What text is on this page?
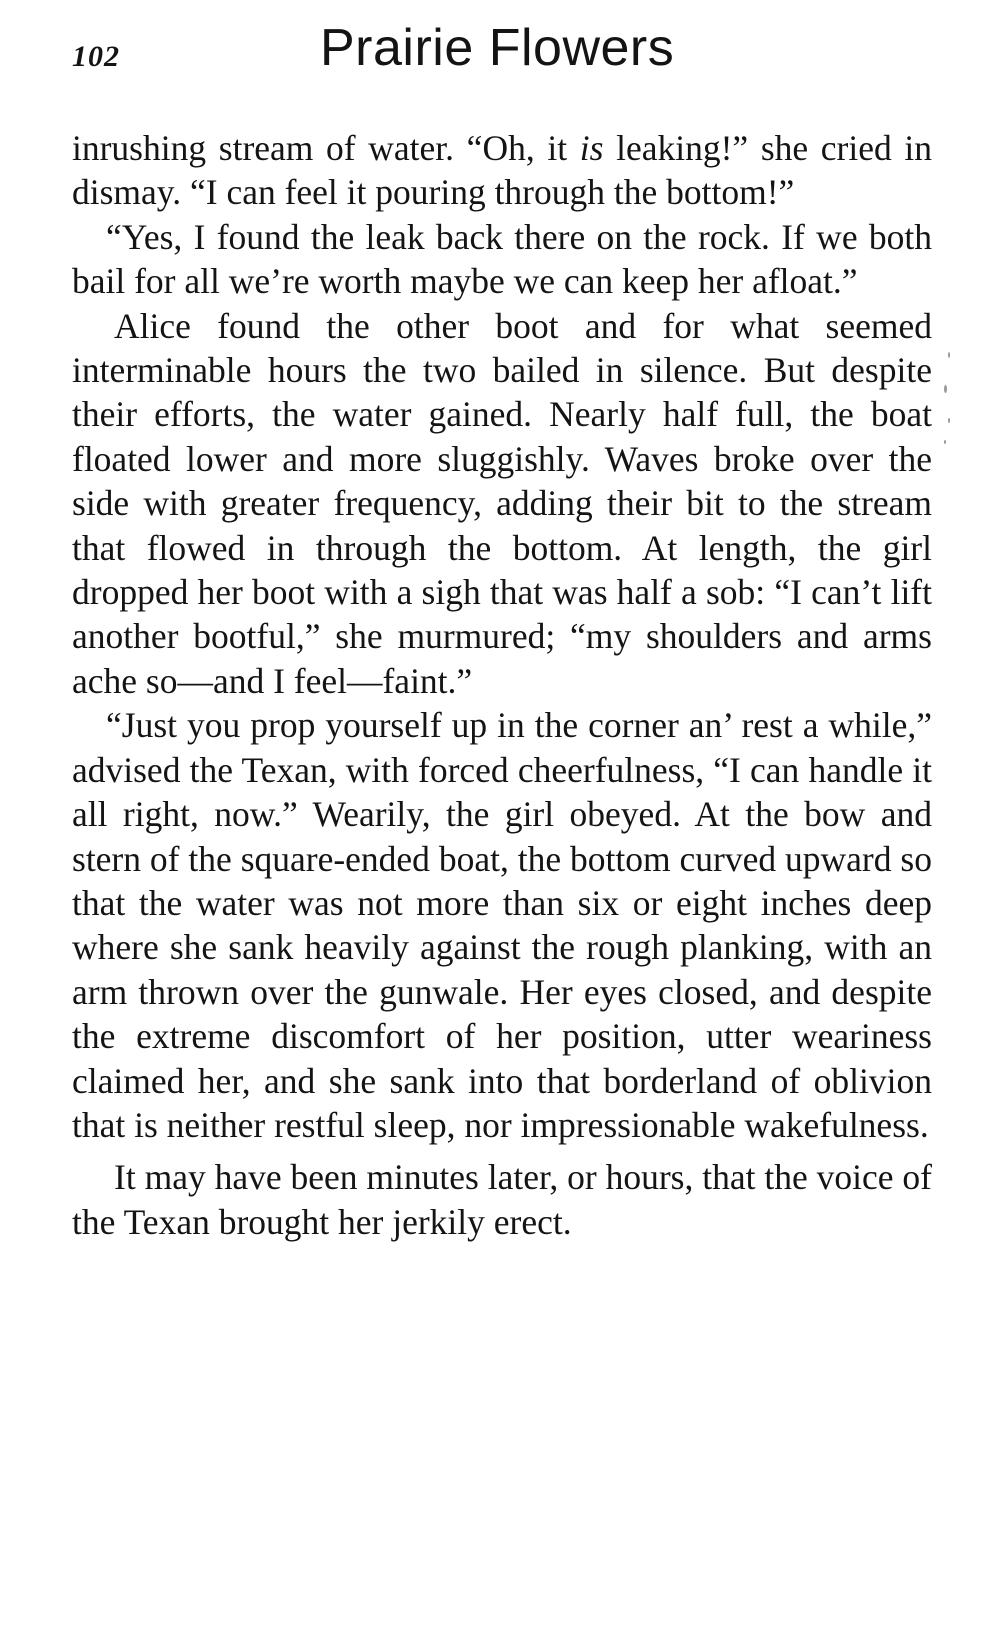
102	Prairie Flowers

inrushing stream of water. “Oh, it is leaking!” she cried in dismay. “I can feel it pouring through the bottom!”

“Yes, I found the leak back there on the rock. If we both bail for all we’re worth maybe we can keep her afloat.”

Alice found the other boot and for what seemed interminable hours the two bailed in silence. But despite their efforts, the water gained. Nearly half full, the boat floated lower and more sluggishly. Waves broke over the side with greater frequency, adding their bit to the stream that flowed in through the bottom. At length, the girl dropped her boot with a sigh that was half a sob: “I can’t lift another bootful,” she murmured; “my shoulders and arms ache so—and I feel—faint.”

“Just you prop yourself up in the corner an’ rest a while,” advised the Texan, with forced cheerfulness, “I can handle it all right, now.” Wearily, the girl obeyed. At the bow and stern of the square-ended boat, the bottom curved upward so that the water was not more than six or eight inches deep where she sank heavily against the rough planking, with an arm thrown over the gunwale. Her eyes closed, and despite the extreme discomfort of her position, utter weariness claimed her, and she sank into that borderland of oblivion that is neither restful sleep, nor impressionable wakefulness.

It may have been minutes later, or hours, that the voice of the Texan brought her jerkily erect.
